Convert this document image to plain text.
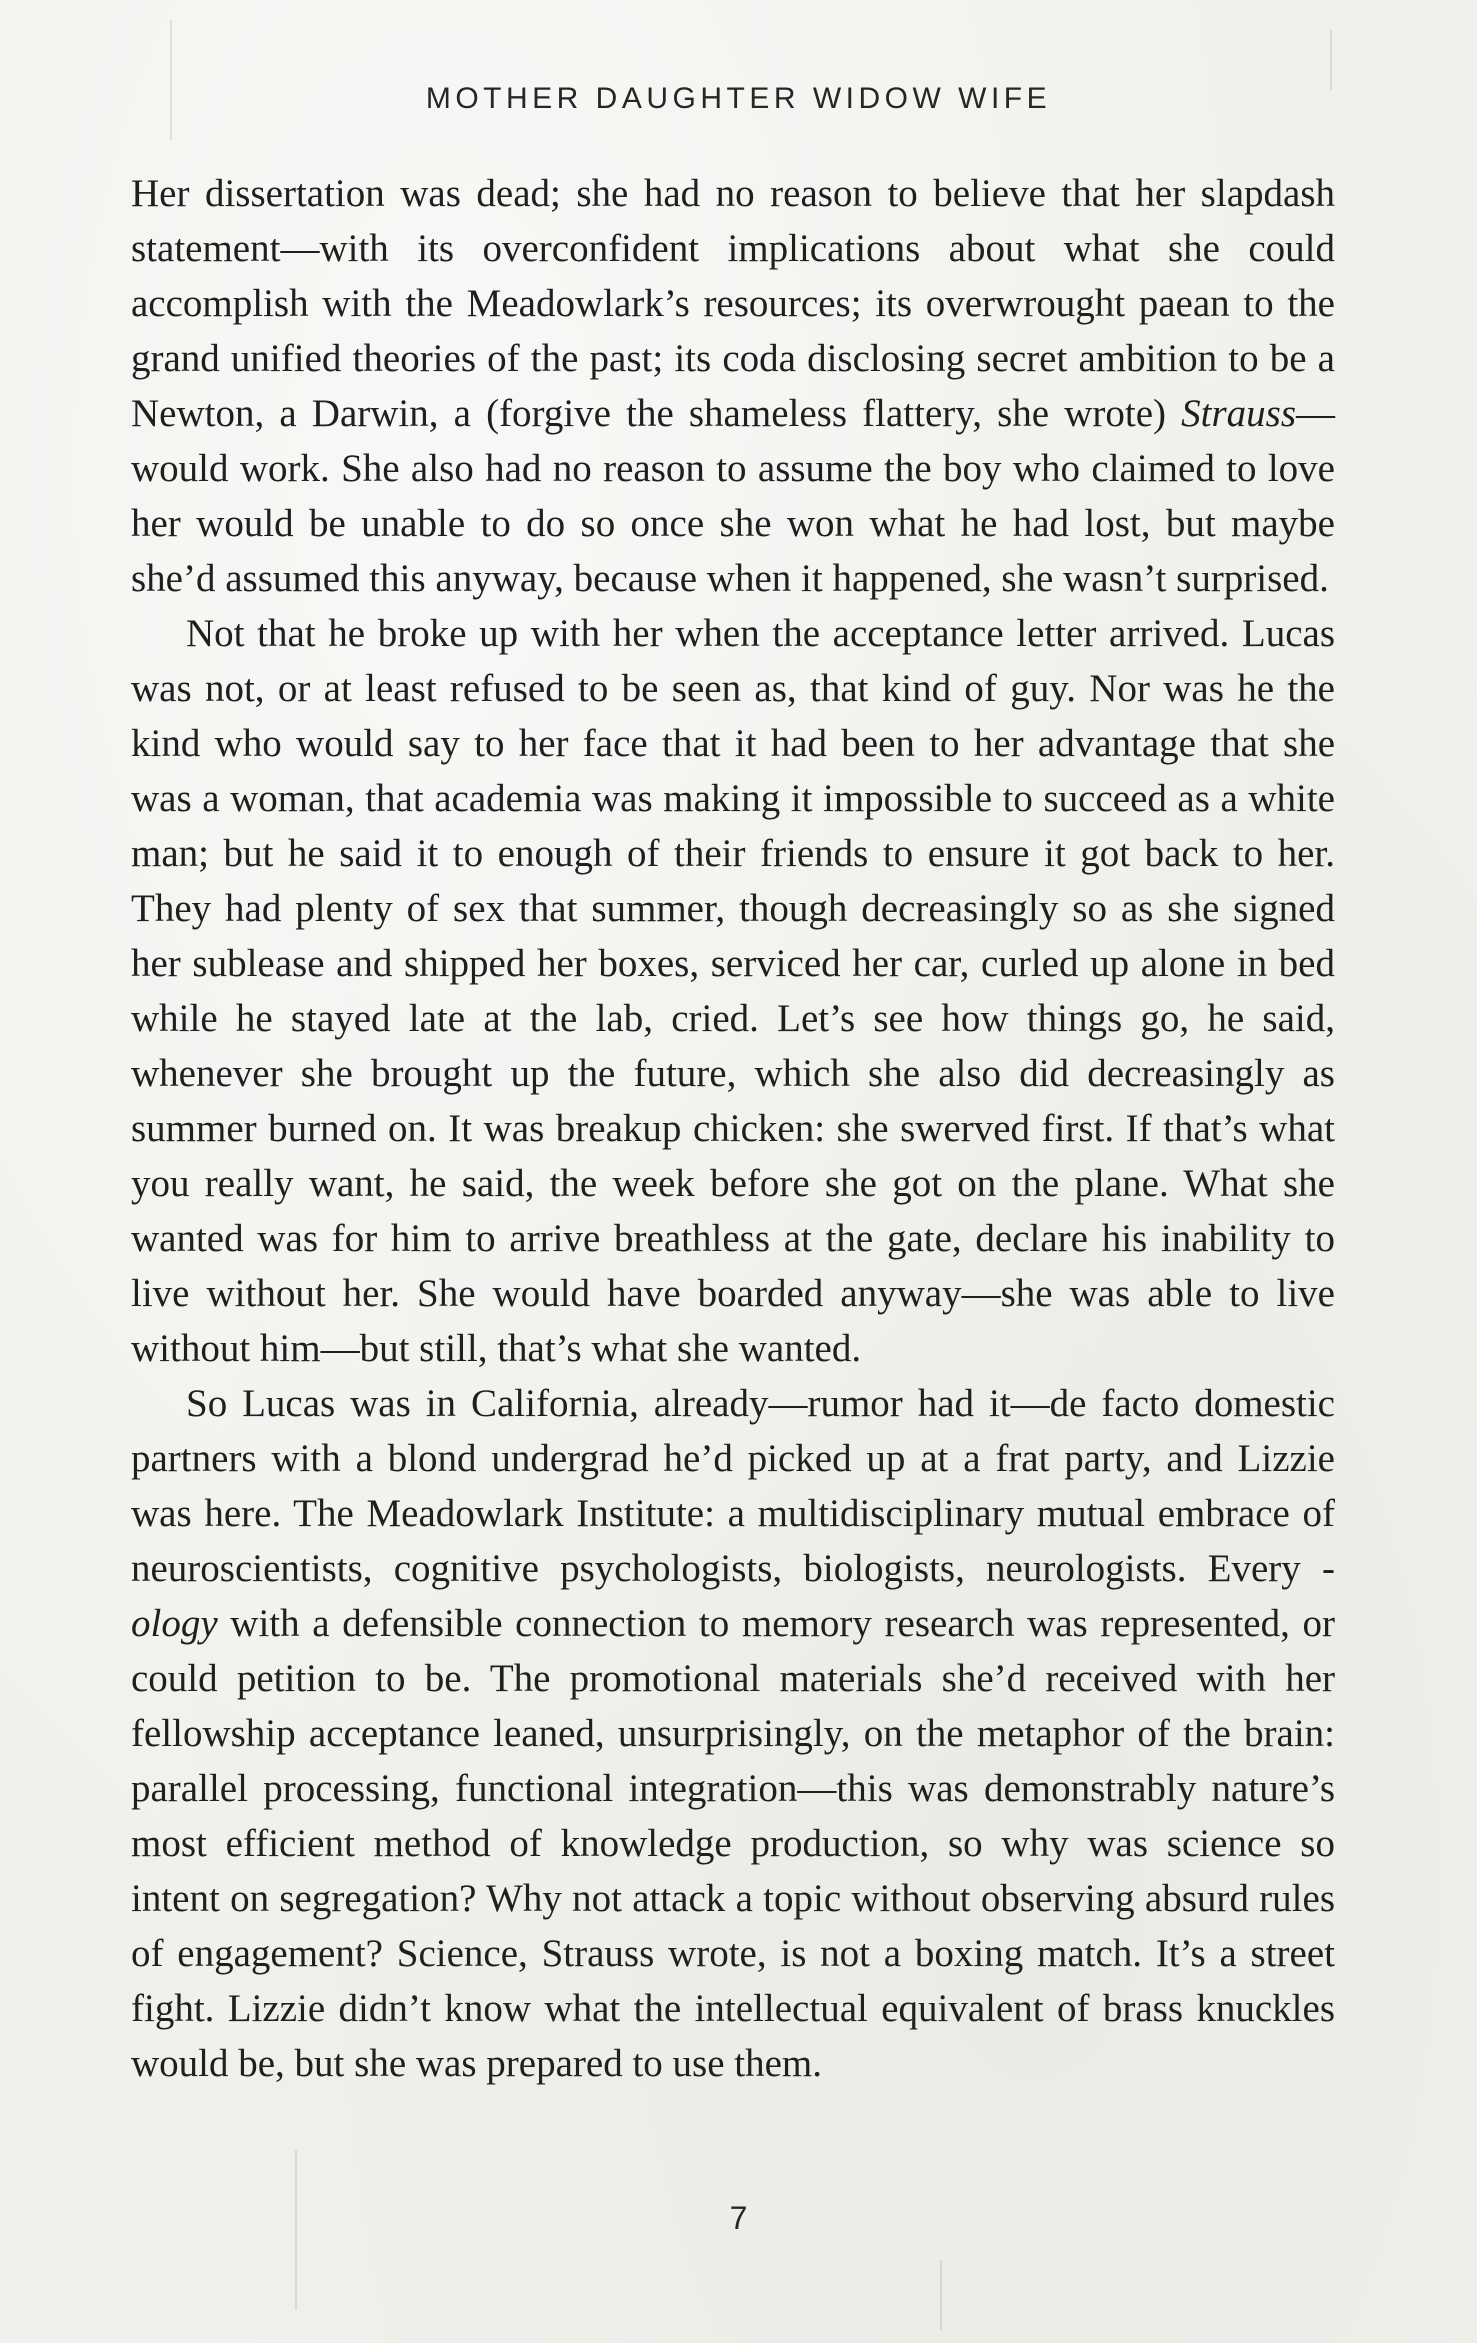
MOTHER DAUGHTER WIDOW WIFE

Her dissertation was dead; she had no reason to believe that her slapdash statement—with its overconfident implications about what she could accomplish with the Meadowlark’s resources; its overwrought paean to the grand unified theories of the past; its coda disclosing secret ambition to be a Newton, a Darwin, a (forgive the shameless flattery, she wrote) Strauss—would work. She also had no reason to assume the boy who claimed to love her would be unable to do so once she won what he had lost, but maybe she’d assumed this anyway, because when it happened, she wasn’t surprised.

Not that he broke up with her when the acceptance letter arrived. Lucas was not, or at least refused to be seen as, that kind of guy. Nor was he the kind who would say to her face that it had been to her advantage that she was a woman, that academia was making it impossible to succeed as a white man; but he said it to enough of their friends to ensure it got back to her. They had plenty of sex that summer, though decreasingly so as she signed her sublease and shipped her boxes, serviced her car, curled up alone in bed while he stayed late at the lab, cried. Let’s see how things go, he said, whenever she brought up the future, which she also did decreasingly as summer burned on. It was breakup chicken: she swerved first. If that’s what you really want, he said, the week before she got on the plane. What she wanted was for him to arrive breathless at the gate, declare his inability to live without her. She would have boarded anyway—she was able to live without him—but still, that’s what she wanted.

So Lucas was in California, already—rumor had it—de facto domestic partners with a blond undergrad he’d picked up at a frat party, and Lizzie was here. The Meadowlark Institute: a multidisciplinary mutual embrace of neuroscientists, cognitive psychologists, biologists, neurologists. Every -ology with a defensible connection to memory research was represented, or could petition to be. The promotional materials she’d received with her fellowship acceptance leaned, unsurprisingly, on the metaphor of the brain: parallel processing, functional integration—this was demonstrably nature’s most efficient method of knowledge production, so why was science so intent on segregation? Why not attack a topic without observing absurd rules of engagement? Science, Strauss wrote, is not a boxing match. It’s a street fight. Lizzie didn’t know what the intellectual equivalent of brass knuckles would be, but she was prepared to use them.

7
